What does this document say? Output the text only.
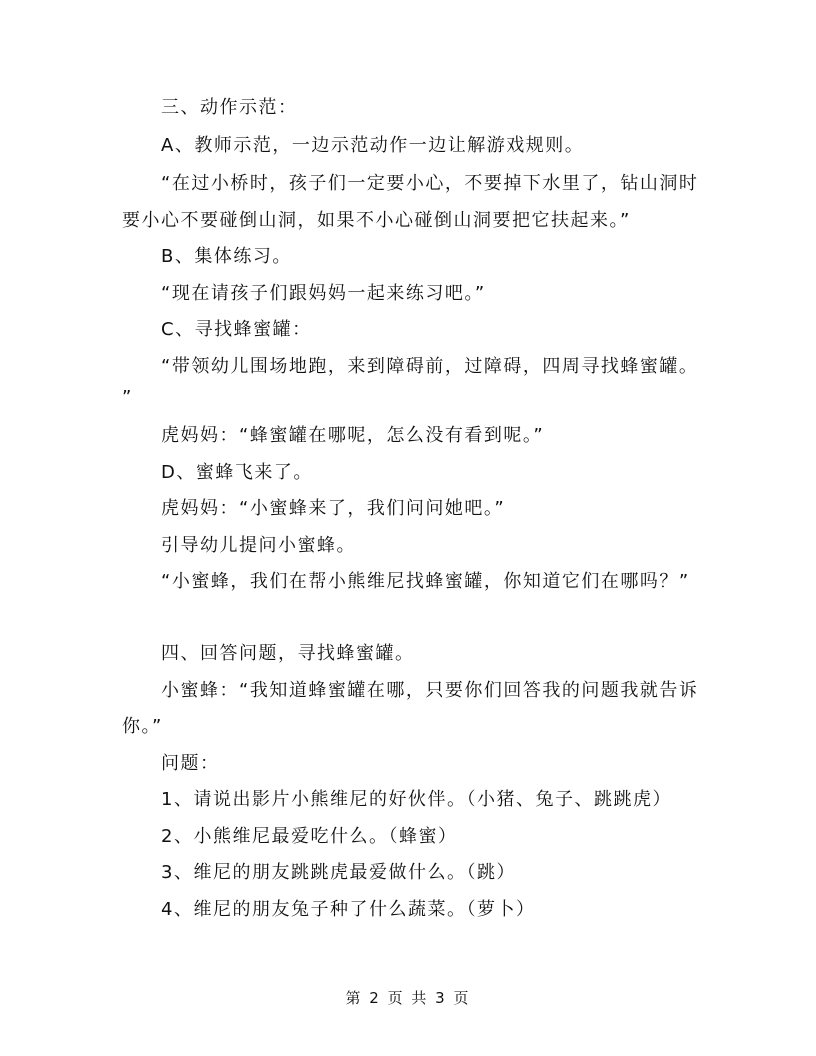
三、动作示范：
A、教师示范，一边示范动作一边让解游戏规则。
“在过小桥时，孩子们一定要小心，不要掉下水里了，钻山洞时
要小心不要碰倒山洞，如果不小心碰倒山洞要把它扶起来。”
B、集体练习。
“现在请孩子们跟妈妈一起来练习吧。”
C、寻找蜂蜜罐：
“带领幼儿围场地跑，来到障碍前，过障碍，四周寻找蜂蜜罐。
”
虎妈妈：“蜂蜜罐在哪呢，怎么没有看到呢。”
D、蜜蜂飞来了。
虎妈妈：“小蜜蜂来了，我们问问她吧。”
引导幼儿提问小蜜蜂。
“小蜜蜂，我们在帮小熊维尼找蜂蜜罐，你知道它们在哪吗？”
四、回答问题，寻找蜂蜜罐。
小蜜蜂：“我知道蜂蜜罐在哪，只要你们回答我的问题我就告诉
你。”
问题：
1、请说出影片小熊维尼的好伙伴。（小猪、兔子、跳跳虎）
2、小熊维尼最爱吃什么。（蜂蜜）
3、维尼的朋友跳跳虎最爱做什么。（跳）
4、维尼的朋友兔子种了什么蔬菜。（萝卜）
第 2 页 共 3 页
